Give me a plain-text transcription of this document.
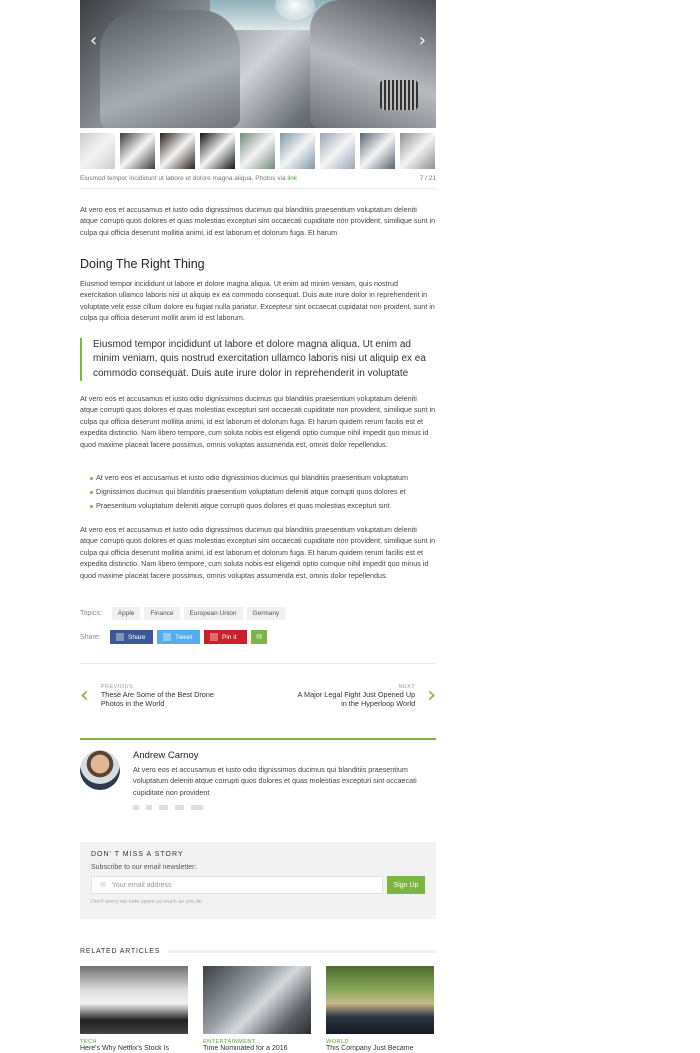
‹	›
Eiusmod tempor incididunt ut labore et dolore magna aliqua. Photos via link	7 / 21

At vero eos et accusamus et iusto odio dignissimos ducimus qui blanditiis praesentium voluptatum deleniti atque corrupti quos dolores et quas molestias excepturi sint occaecati cupiditate non provident, similique sunt in culpa qui officia deserunt mollitia animi, id est laborum et dolorum fuga. Et harum

Doing The Right Thing

Eiusmod tempor incididunt ut labore et dolore magna aliqua. Ut enim ad minim veniam, quis nostrud exercitation ullamco laboris nisi ut aliquip ex ea commodo consequat. Duis aute irure dolor in reprehenderit in voluptate velit esse cillum dolore eu fugiat nulla pariatur. Excepteur sint occaecat cupidatat non proident, sunt in culpa qui officia deserunt mollit anim id est laborum.

Eiusmod tempor incididunt ut labore et dolore magna aliqua. Ut enim ad minim veniam, quis nostrud exercitation ullamco laboris nisi ut aliquip ex ea commodo consequat. Duis aute irure dolor in reprehenderit in voluptate

At vero eos et accusamus et iusto odio dignissimos ducimus qui blanditiis praesentium voluptatum deleniti atque corrupti quos dolores et quas molestias excepturi sint occaecati cupiditate non provident, similique sunt in culpa qui officia deserunt mollitia animi, id est laborum et dolorum fuga. Et harum quidem rerum facilis est et expedita distinctio. Nam libero tempore, cum soluta nobis est eligendi optio cumque nihil impedit quo minus id quod maxime placeat facere possimus, omnis voluptas assumenda est, omnis dolor repellendus.

At vero eos et accusamus et iusto odio dignissimos ducimus qui blanditiis praesentium voluptatum
Dignissimos ducimus qui blanditiis praesentium voluptatum deleniti atque corrupti quos dolores et
Praesentium voluptatum deleniti atque corrupti quos dolores et quas molestias excepturi sint

At vero eos et accusamus et iusto odio dignissimos ducimus qui blanditiis praesentium voluptatum deleniti atque corrupti quos dolores et quas molestias excepturi sint occaecati cupiditate non provident, similique sunt in culpa qui officia deserunt mollitia animi, id est laborum et dolorum fuga. Et harum quidem rerum facilis est et expedita distinctio. Nam libero tempore, cum soluta nobis est eligendi optio cumque nihil impedit quo minus id quod maxime placeat facere possimus, omnis voluptas assumenda est, omnis dolor repellendus.

Topics:	Apple	Finance	European Union	Germany
Share:	Share	Tweet	Pin it	✉
‹ PREVIOUS
These Are Some of the Best Drone Photos in the World
NEXT
A Major Legal Fight Just Opened Up in the Hyperloop World ›
Andrew Carnoy

At vero eos et accusamus et iusto odio dignissimos ducimus qui blanditiis praesentium voluptatum deleniti atque corrupti quos dolores et quas molestias excepturi sint occaecati cupiditate non provident

DON' T MISS A STORY
Subscribe to our email newsletter:
✉ Your email address	Sign Up
Don't worry we hate spam as much as you do
RELATED ARTICLES
TECH
Here's Why Netflix's Stock Is
ENTERTAINMENT
Time Nominated for a 2016
WORLD
This Company Just Became
